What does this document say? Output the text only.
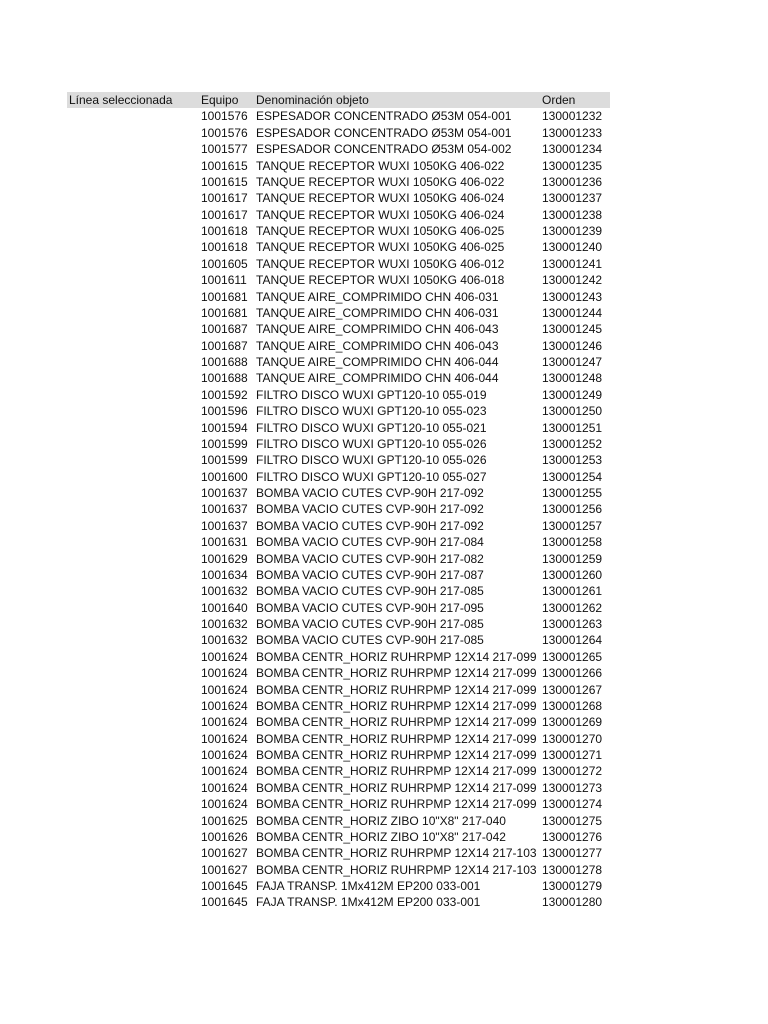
Línea seleccionada	Equipo	Denominación objeto	Orden
	1001576	ESPESADOR CONCENTRADO Ø53M 054-001	130001232
	1001576	ESPESADOR CONCENTRADO Ø53M 054-001	130001233
	1001577	ESPESADOR CONCENTRADO Ø53M 054-002	130001234
	1001615	TANQUE RECEPTOR WUXI 1050KG 406-022	130001235
	1001615	TANQUE RECEPTOR WUXI 1050KG 406-022	130001236
	1001617	TANQUE RECEPTOR WUXI 1050KG 406-024	130001237
	1001617	TANQUE RECEPTOR WUXI 1050KG 406-024	130001238
	1001618	TANQUE RECEPTOR WUXI 1050KG 406-025	130001239
	1001618	TANQUE RECEPTOR WUXI 1050KG 406-025	130001240
	1001605	TANQUE RECEPTOR WUXI 1050KG 406-012	130001241
	1001611	TANQUE RECEPTOR WUXI 1050KG 406-018	130001242
	1001681	TANQUE AIRE_COMPRIMIDO CHN 406-031	130001243
	1001681	TANQUE AIRE_COMPRIMIDO CHN 406-031	130001244
	1001687	TANQUE AIRE_COMPRIMIDO CHN 406-043	130001245
	1001687	TANQUE AIRE_COMPRIMIDO CHN 406-043	130001246
	1001688	TANQUE AIRE_COMPRIMIDO CHN 406-044	130001247
	1001688	TANQUE AIRE_COMPRIMIDO CHN 406-044	130001248
	1001592	FILTRO DISCO WUXI GPT120-10 055-019	130001249
	1001596	FILTRO DISCO WUXI GPT120-10 055-023	130001250
	1001594	FILTRO DISCO WUXI GPT120-10 055-021	130001251
	1001599	FILTRO DISCO WUXI GPT120-10 055-026	130001252
	1001599	FILTRO DISCO WUXI GPT120-10 055-026	130001253
	1001600	FILTRO DISCO WUXI GPT120-10 055-027	130001254
	1001637	BOMBA VACIO CUTES CVP-90H 217-092	130001255
	1001637	BOMBA VACIO CUTES CVP-90H 217-092	130001256
	1001637	BOMBA VACIO CUTES CVP-90H 217-092	130001257
	1001631	BOMBA VACIO CUTES CVP-90H 217-084	130001258
	1001629	BOMBA VACIO CUTES CVP-90H 217-082	130001259
	1001634	BOMBA VACIO CUTES CVP-90H 217-087	130001260
	1001632	BOMBA VACIO CUTES CVP-90H 217-085	130001261
	1001640	BOMBA VACIO CUTES CVP-90H 217-095	130001262
	1001632	BOMBA VACIO CUTES CVP-90H 217-085	130001263
	1001632	BOMBA VACIO CUTES CVP-90H 217-085	130001264
	1001624	BOMBA CENTR_HORIZ RUHRPMP 12X14 217-099	130001265
	1001624	BOMBA CENTR_HORIZ RUHRPMP 12X14 217-099	130001266
	1001624	BOMBA CENTR_HORIZ RUHRPMP 12X14 217-099	130001267
	1001624	BOMBA CENTR_HORIZ RUHRPMP 12X14 217-099	130001268
	1001624	BOMBA CENTR_HORIZ RUHRPMP 12X14 217-099	130001269
	1001624	BOMBA CENTR_HORIZ RUHRPMP 12X14 217-099	130001270
	1001624	BOMBA CENTR_HORIZ RUHRPMP 12X14 217-099	130001271
	1001624	BOMBA CENTR_HORIZ RUHRPMP 12X14 217-099	130001272
	1001624	BOMBA CENTR_HORIZ RUHRPMP 12X14 217-099	130001273
	1001624	BOMBA CENTR_HORIZ RUHRPMP 12X14 217-099	130001274
	1001625	BOMBA CENTR_HORIZ ZIBO 10"X8" 217-040	130001275
	1001626	BOMBA CENTR_HORIZ ZIBO 10"X8" 217-042	130001276
	1001627	BOMBA CENTR_HORIZ RUHRPMP 12X14 217-103	130001277
	1001627	BOMBA CENTR_HORIZ RUHRPMP 12X14 217-103	130001278
	1001645	FAJA TRANSP. 1Mx412M EP200 033-001	130001279
	1001645	FAJA TRANSP. 1Mx412M EP200 033-001	130001280
